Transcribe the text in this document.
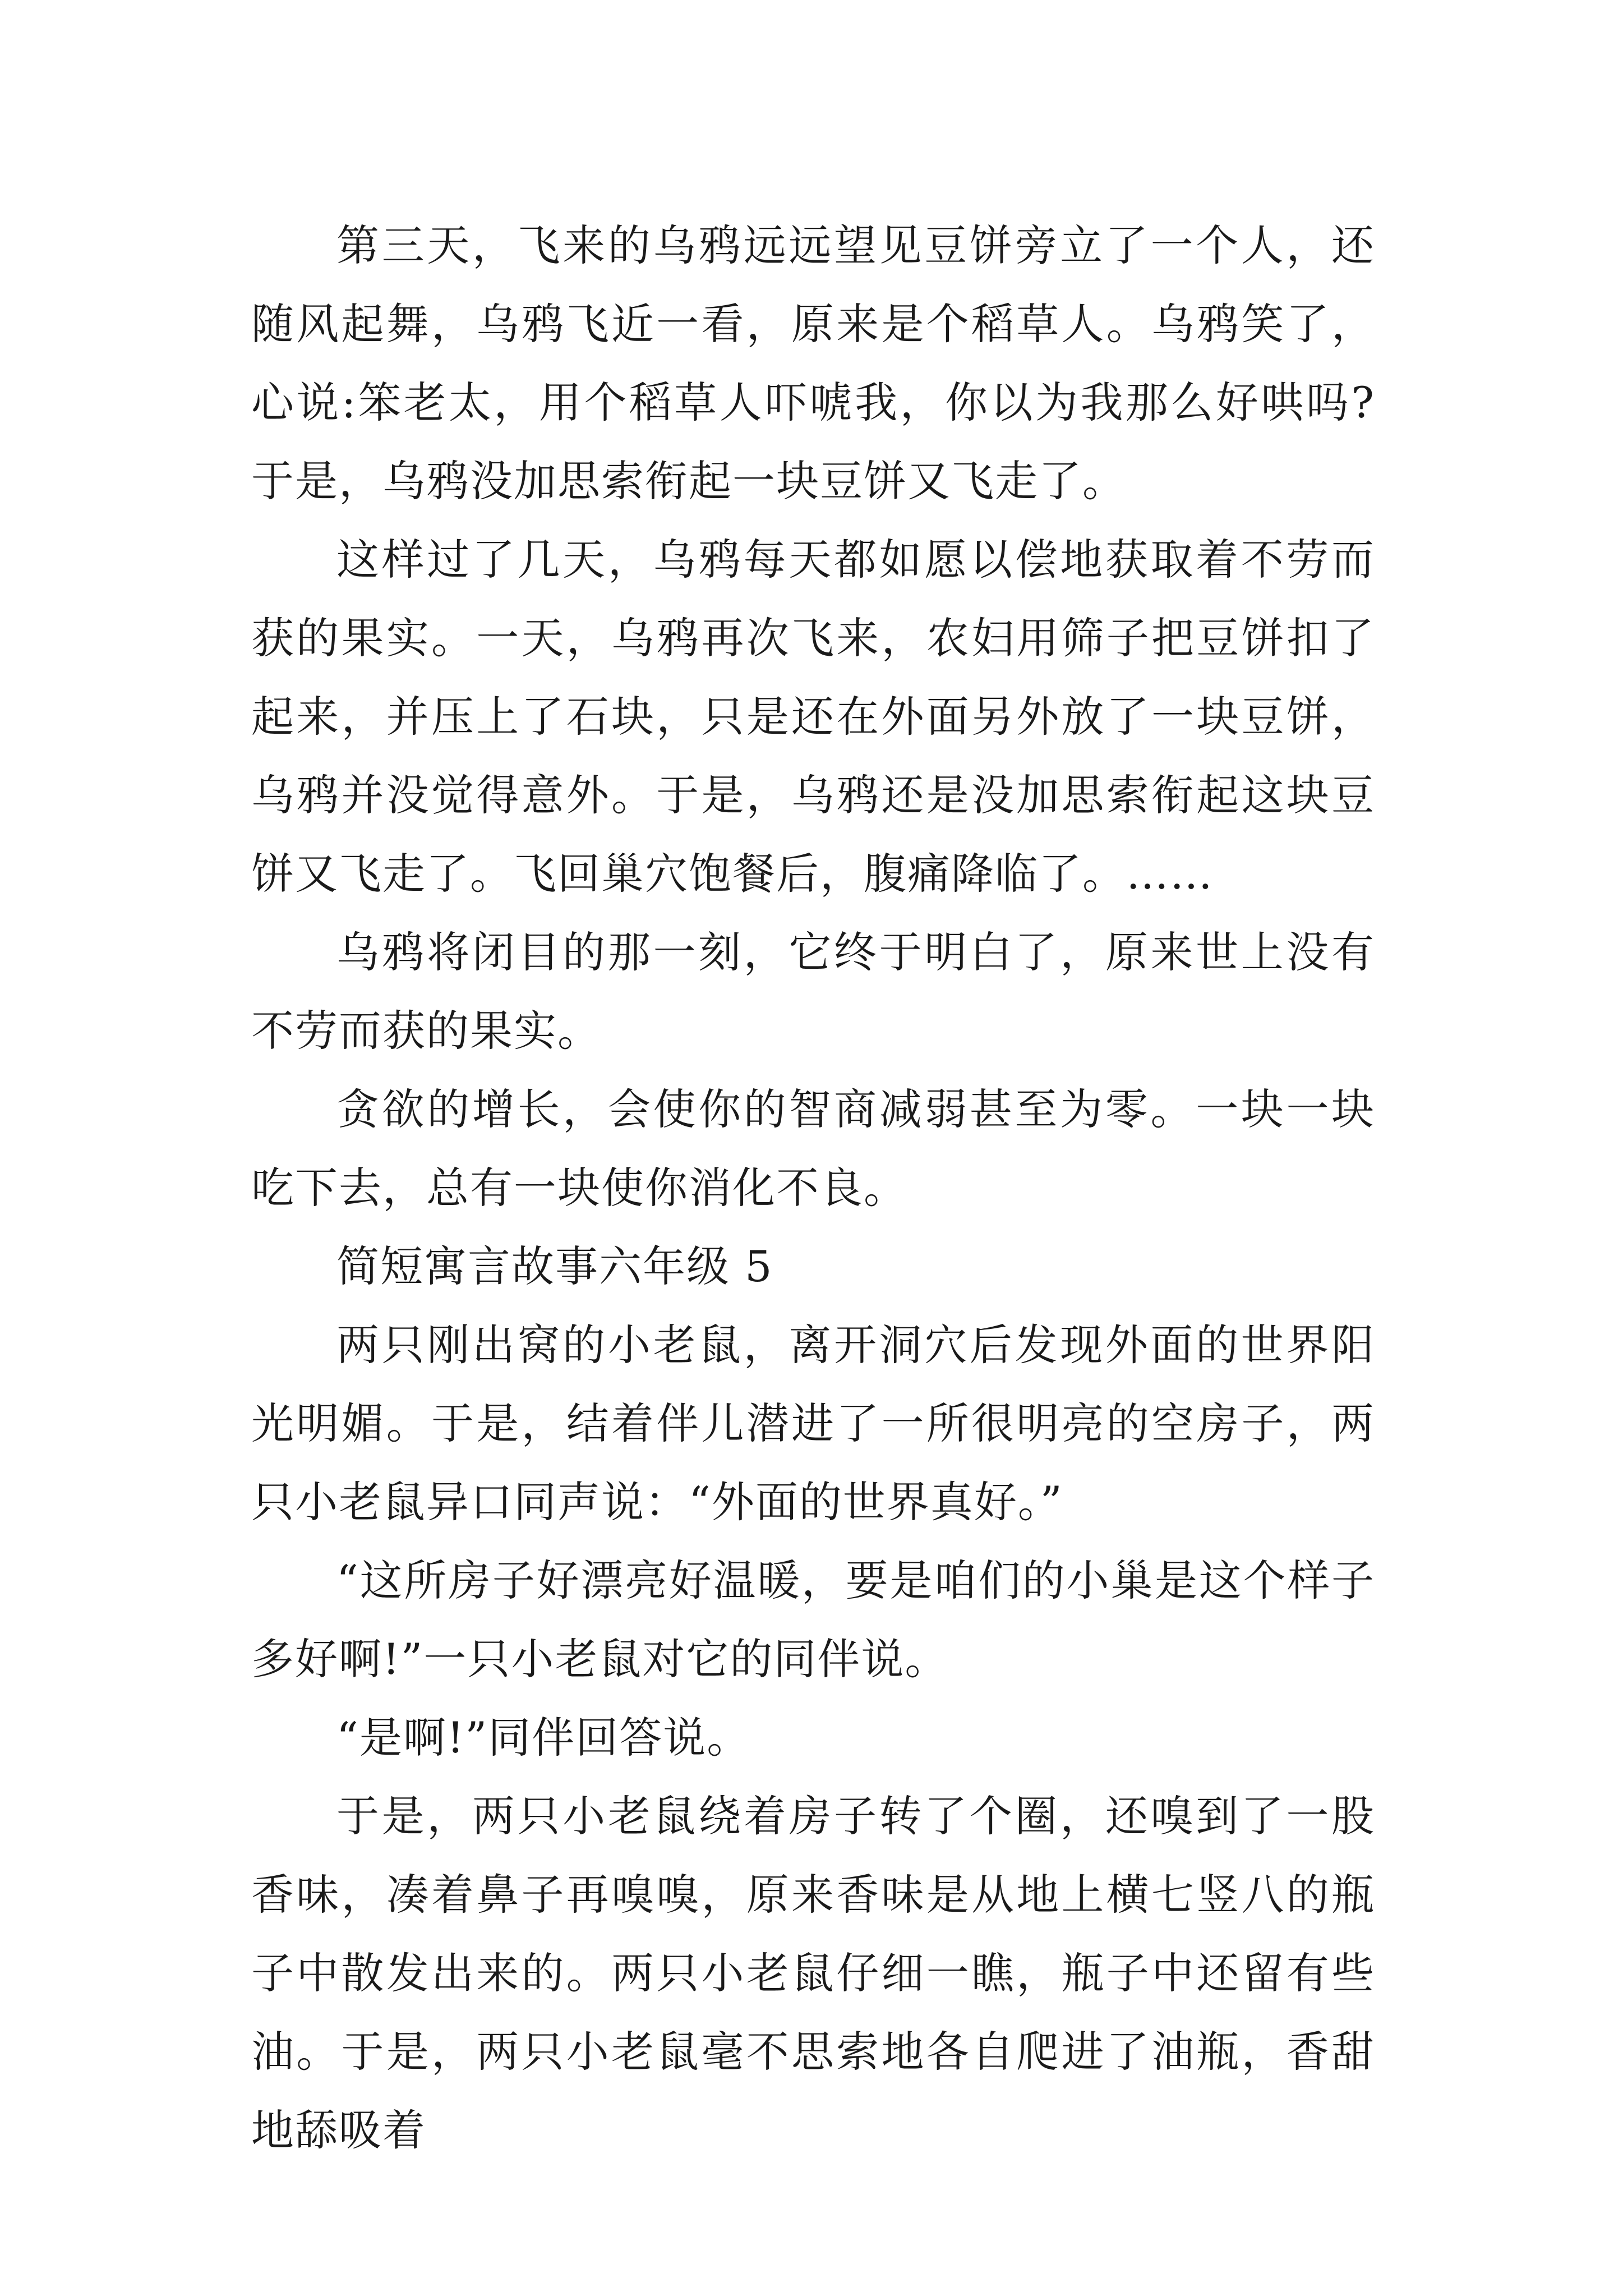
第三天，飞来的乌鸦远远望见豆饼旁立了一个人，还随风起舞，乌鸦飞近一看，原来是个稻草人。乌鸦笑了，心说:笨老太，用个稻草人吓唬我，你以为我那么好哄吗?于是，乌鸦没加思索衔起一块豆饼又飞走了。

这样过了几天，乌鸦每天都如愿以偿地获取着不劳而获的果实。一天，乌鸦再次飞来，农妇用筛子把豆饼扣了起来，并压上了石块，只是还在外面另外放了一块豆饼，乌鸦并没觉得意外。于是，乌鸦还是没加思索衔起这块豆饼又飞走了。飞回巢穴饱餐后，腹痛降临了。……

乌鸦将闭目的那一刻，它终于明白了，原来世上没有不劳而获的果实。

贪欲的增长，会使你的智商减弱甚至为零。一块一块吃下去，总有一块使你消化不良。

简短寓言故事六年级 5

两只刚出窝的小老鼠，离开洞穴后发现外面的世界阳光明媚。于是，结着伴儿潜进了一所很明亮的空房子，两只小老鼠异口同声说：“外面的世界真好。”

“这所房子好漂亮好温暖，要是咱们的小巢是这个样子多好啊!”一只小老鼠对它的同伴说。

“是啊!”同伴回答说。

于是，两只小老鼠绕着房子转了个圈，还嗅到了一股香味，凑着鼻子再嗅嗅，原来香味是从地上横七竖八的瓶子中散发出来的。两只小老鼠仔细一瞧，瓶子中还留有些油。于是，两只小老鼠毫不思索地各自爬进了油瓶，香甜地舔吸着
